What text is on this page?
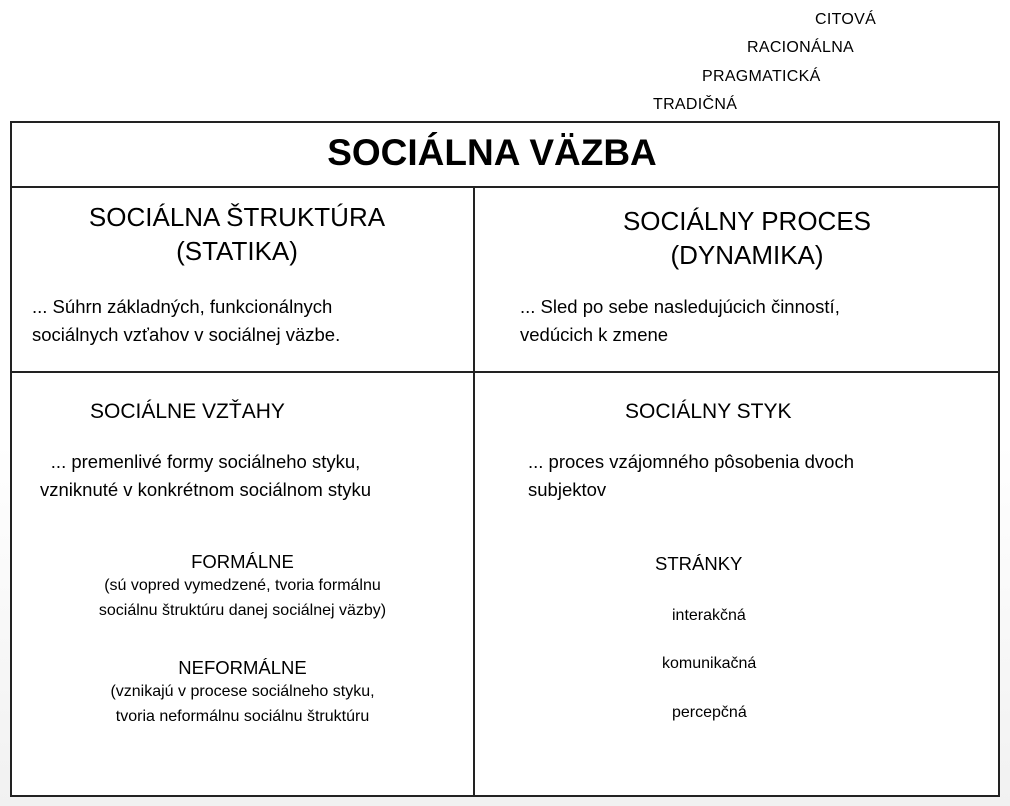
CITOVÁ
RACIONÁLNA
PRAGMATICKÁ
TRADIČNÁ
SOCIÁLNA VÄZBA
SOCIÁLNA ŠTRUKTÚRA
(STATIKA)
... Súhrn základných, funkcionálnych
sociálnych vzťahov v sociálnej väzbe.
SOCIÁLNY PROCES
(DYNAMIKA)
... Sled po sebe nasledujúcich činností,
vedúcich k zmene
SOCIÁLNE VZŤAHY
... premenlivé formy sociálneho styku,
vzniknuté v konkrétnom sociálnom styku
FORMÁLNE
(sú vopred vymedzené, tvoria formálnu
sociálnu štruktúru danej sociálnej väzby)
NEFORMÁLNE
(vznikajú v procese sociálneho styku,
tvoria neformálnu sociálnu štruktúru
SOCIÁLNY STYK
... proces vzájomného pôsobenia dvoch
subjektov
STRÁNKY
interakčná
komunikačná
percepčná
